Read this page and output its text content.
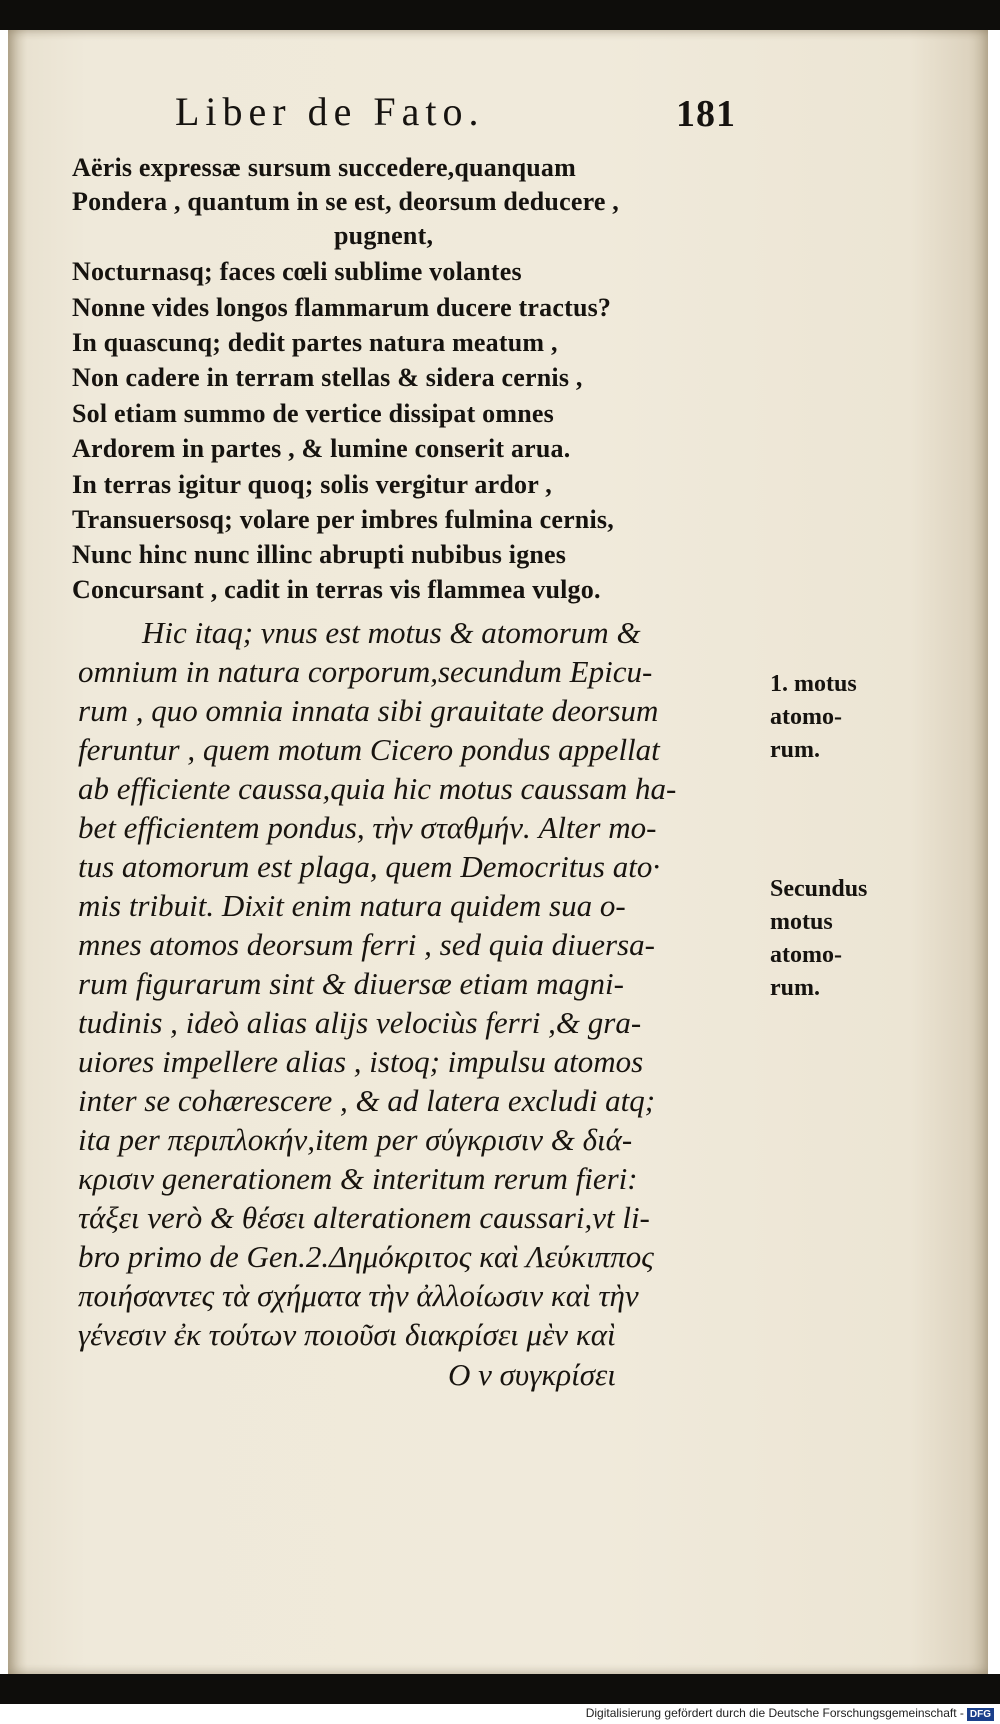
Liber de Fato.	181
Aëris expressæ sursum succedere,quanquam
Pondera , quantum in se est, deorsum deducere ,
pugnent,
Nocturnasq; faces cœli sublime volantes
Nonne vides longos flammarum ducere tractus?
In quascunq; dedit partes natura meatum ,
Non cadere in terram stellas & sidera cernis ,
Sol etiam summo de vertice dissipat omnes
Ardorem in partes , & lumine conserit arua.
In terras igitur quoq; solis vergitur ardor ,
Transuersosq; volare per imbres fulmina cernis,
Nunc hinc nunc illinc abrupti nubibus ignes
Concursant , cadit in terras vis flammea vulgo.
Hic itaq; vnus est motus & atomorum &
omnium in natura corporum,secundum Epicu-
rum , quo omnia innata sibi grauitate deorsum
feruntur , quem motum Cicero pondus appellat
ab efficiente caussa,quia hic motus caussam ha-
bet efficientem pondus, τὴν σταθμήν. Alter mo-
tus atomorum est plaga, quem Democritus ato·
mis tribuit. Dixit enim natura quidem sua o-
mnes atomos deorsum ferri , sed quia diuersa-
rum figurarum sint & diuersæ etiam magni-
tudinis , ideò alias alijs velociùs ferri ,& gra-
uiores impellere alias , istoq; impulsu atomos
inter se cohærescere , & ad latera excludi atq;
ita per περιπλοκήν,item per σύγκρισιν & διά-
κρισιν generationem & interitum rerum fieri:
τάξει verò & θέσει alterationem caussari,vt li-
bro primo de Gen.2.Δημόκριτος καὶ Λεύκιππος
ποιήσαντες τὰ σχήματα τὴν ἀλλοίωσιν καὶ τὴν
γένεσιν ἐκ τούτων ποιοῦσι διακρίσει μὲν καὶ
Ο ν συγκρίσει
1. motus
atomo-
rum.
Secundus
motus
atomo-
rum.
Digitalisierung gefördert durch die Deutsche Forschungsgemeinschaft - DFG
